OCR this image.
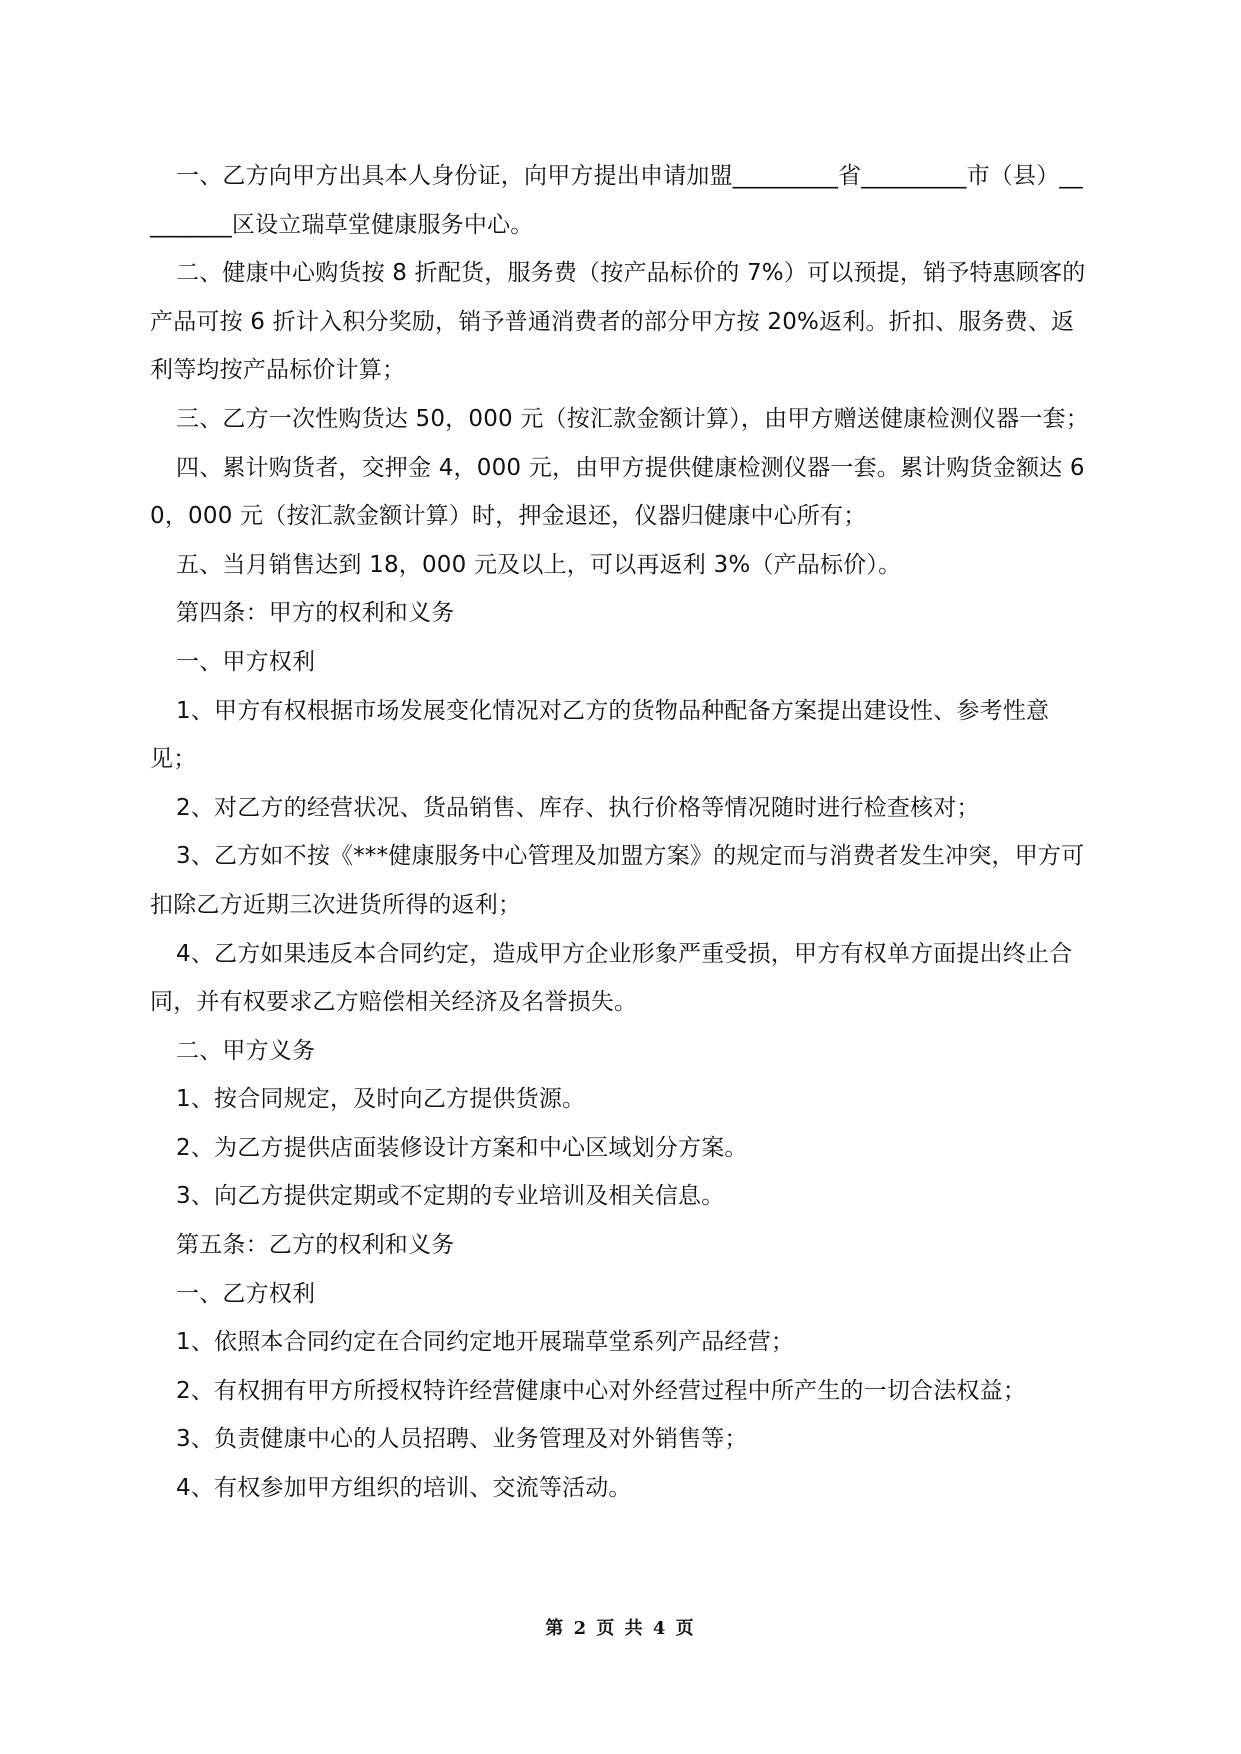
一、乙方向甲方出具本人身份证，向甲方提出申请加盟_________省_________市（县）_________区设立瑞草堂健康服务中心。

二、健康中心购货按 8 折配货，服务费（按产品标价的 7%）可以预提，销予特惠顾客的产品可按 6 折计入积分奖励，销予普通消费者的部分甲方按 20%返利。折扣、服务费、返利等均按产品标价计算；

三、乙方一次性购货达 50，000 元（按汇款金额计算），由甲方赠送健康检测仪器一套；

四、累计购货者，交押金 4，000 元，由甲方提供健康检测仪器一套。累计购货金额达 60，000 元（按汇款金额计算）时，押金退还，仪器归健康中心所有；

五、当月销售达到 18，000 元及以上，可以再返利 3%（产品标价）。

第四条：甲方的权利和义务

一、甲方权利

1、甲方有权根据市场发展变化情况对乙方的货物品种配备方案提出建设性、参考性意见；

2、对乙方的经营状况、货品销售、库存、执行价格等情况随时进行检查核对；

3、乙方如不按《***健康服务中心管理及加盟方案》的规定而与消费者发生冲突，甲方可扣除乙方近期三次进货所得的返利；

4、乙方如果违反本合同约定，造成甲方企业形象严重受损，甲方有权单方面提出终止合同，并有权要求乙方赔偿相关经济及名誉损失。

二、甲方义务

1、按合同规定，及时向乙方提供货源。

2、为乙方提供店面装修设计方案和中心区域划分方案。

3、向乙方提供定期或不定期的专业培训及相关信息。

第五条：乙方的权利和义务

一、乙方权利

1、依照本合同约定在合同约定地开展瑞草堂系列产品经营；

2、有权拥有甲方所授权特许经营健康中心对外经营过程中所产生的一切合法权益；

3、负责健康中心的人员招聘、业务管理及对外销售等；

4、有权参加甲方组织的培训、交流等活动。

第 2 页 共 4 页
